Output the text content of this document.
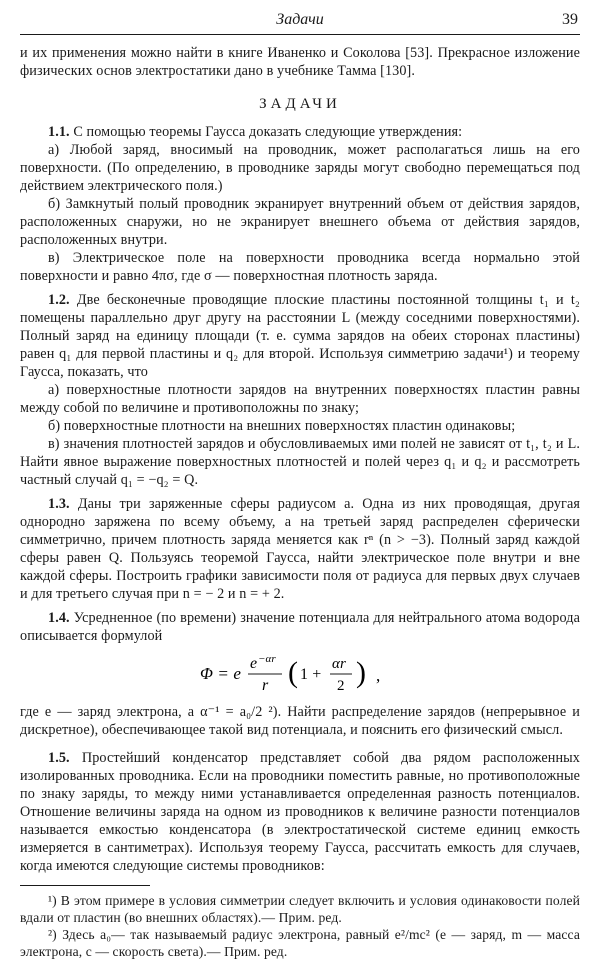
Задачи	39

и их применения можно найти в книге Иваненко и Соколова [53]. Прекрасное изложение физических основ электростатики дано в учебнике Тамма [130].

ЗАДАЧИ

1.1. С помощью теоремы Гаусса доказать следующие утверждения:

а) Любой заряд, вносимый на проводник, может располагаться лишь на его поверхности. (По определению, в проводнике заряды могут свободно перемещаться под действием электрического поля.)

б) Замкнутый полый проводник экранирует внутренний объем от действия зарядов, расположенных снаружи, но не экранирует внешнего объема от действия зарядов, расположенных внутри.

в) Электрическое поле на поверхности проводника всегда нормально этой поверхности и равно 4πσ, где σ — поверхностная плотность заряда.

1.2. Две бесконечные проводящие плоские пластины постоянной толщины t₁ и t₂ помещены параллельно друг другу на расстоянии L (между соседними поверхностями). Полный заряд на единицу площади (т. е. сумма зарядов на обеих сторонах пластины) равен q₁ для первой пластины и q₂ для второй. Используя симметрию задачи¹) и теорему Гаусса, показать, что

а) поверхностные плотности зарядов на внутренних поверхностях пластин равны между собой по величине и противоположны по знаку;

б) поверхностные плотности на внешних поверхностях пластин одинаковы;

в) значения плотностей зарядов и обусловливаемых ими полей не зависят от t₁, t₂ и L. Найти явное выражение поверхностных плотностей и полей через q₁ и q₂ и рассмотреть частный случай q₁ = −q₂ = Q.

1.3. Даны три заряженные сферы радиусом a. Одна из них проводящая, другая однородно заряжена по всему объему, а на третьей заряд распределен сферически симметрично, причем плотность заряда меняется как rⁿ (n > −3). Полный заряд каждой сферы равен Q. Пользуясь теоремой Гаусса, найти электрическое поле внутри и вне каждой сферы. Построить графики зависимости поля от радиуса для первых двух случаев и для третьего случая при n = − 2 и n = + 2.

1.4. Усредненное (по времени) значение потенциала для нейтрального атома водорода описывается формулой

Φ = e
e −αr
r ( 1 +
αr
2 ) ,

где e — заряд электрона, а α⁻¹ = a₀/2 ²). Найти распределение зарядов (непрерывное и дискретное), обеспечивающее такой вид потенциала, и пояснить его физический смысл.

1.5. Простейший конденсатор представляет собой два рядом расположенных изолированных проводника. Если на проводники поместить равные, но противоположные по знаку заряды, то между ними устанавливается определенная разность потенциалов. Отношение величины заряда на одном из проводников к величине разности потенциалов называется емкостью конденсатора (в электростатической системе единиц емкость измеряется в сантиметрах). Используя теорему Гаусса, рассчитать емкость для случаев, когда имеются следующие системы проводников:

¹) В этом примере в условия симметрии следует включить и условия одинаковости полей вдали от пластин (во внешних областях).— Прим. ред.

²) Здесь a₀— так называемый радиус электрона, равный e²/mc² (e — заряд, m — масса электрона, c — скорость света).— Прим. ред.
